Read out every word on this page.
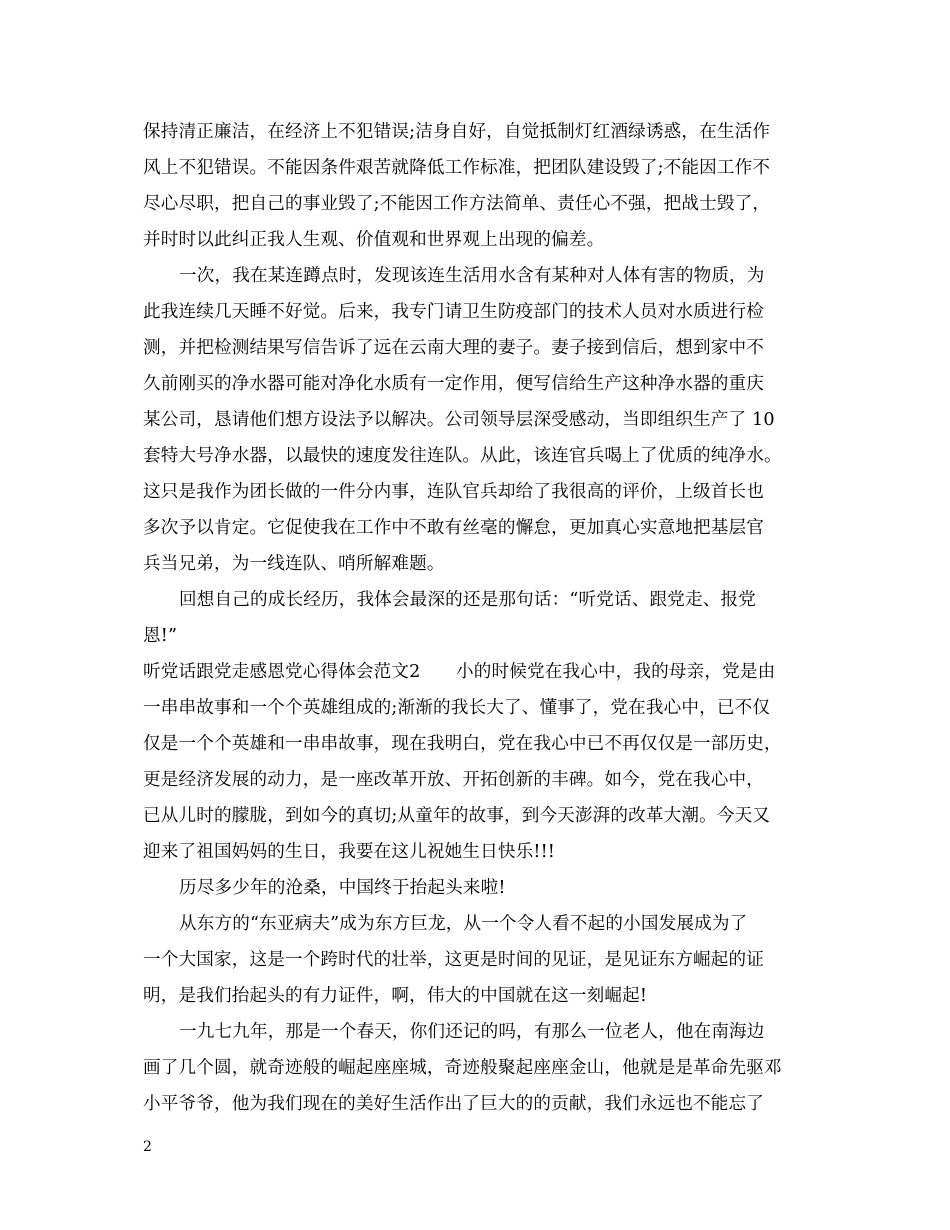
保持清正廉洁，在经济上不犯错误;洁身自好，自觉抵制灯红酒绿诱惑，在生活作
风上不犯错误。不能因条件艰苦就降低工作标准，把团队建设毁了;不能因工作不
尽心尽职，把自己的事业毁了;不能因工作方法简单、责任心不强，把战士毁了，
并时时以此纠正我人生观、价值观和世界观上出现的偏差。
一次，我在某连蹲点时，发现该连生活用水含有某种对人体有害的物质，为
此我连续几天睡不好觉。后来，我专门请卫生防疫部门的技术人员对水质进行检
测，并把检测结果写信告诉了远在云南大理的妻子。妻子接到信后，想到家中不
久前刚买的净水器可能对净化水质有一定作用，便写信给生产这种净水器的重庆
某公司，恳请他们想方设法予以解决。公司领导层深受感动，当即组织生产了 10
套特大号净水器，以最快的速度发往连队。从此，该连官兵喝上了优质的纯净水。
这只是我作为团长做的一件分内事，连队官兵却给了我很高的评价，上级首长也
多次予以肯定。它促使我在工作中不敢有丝毫的懈怠，更加真心实意地把基层官
兵当兄弟，为一线连队、哨所解难题。
回想自己的成长经历，我体会最深的还是那句话：“听党话、跟党走、报党
恩!”
听党话跟党走感恩党心得体会范文2　　小的时候党在我心中，我的母亲，党是由
一串串故事和一个个英雄组成的;渐渐的我长大了、懂事了，党在我心中，已不仅
仅是一个个英雄和一串串故事，现在我明白，党在我心中已不再仅仅是一部历史，
更是经济发展的动力，是一座改革开放、开拓创新的丰碑。如今，党在我心中，
已从儿时的朦胧，到如今的真切;从童年的故事，到今天澎湃的改革大潮。今天又
迎来了祖国妈妈的生日，我要在这儿祝她生日快乐!!!
历尽多少年的沧桑，中国终于抬起头来啦!
从东方的“东亚病夫”成为东方巨龙，从一个令人看不起的小国发展成为了
一个大国家，这是一个跨时代的壮举，这更是时间的见证，是见证东方崛起的证
明，是我们抬起头的有力证件，啊，伟大的中国就在这一刻崛起!
一九七九年，那是一个春天，你们还记的吗，有那么一位老人，他在南海边
画了几个圆，就奇迹般的崛起座座城，奇迹般聚起座座金山，他就是是革命先驱邓
小平爷爷，他为我们现在的美好生活作出了巨大的的贡献，我们永远也不能忘了
2
